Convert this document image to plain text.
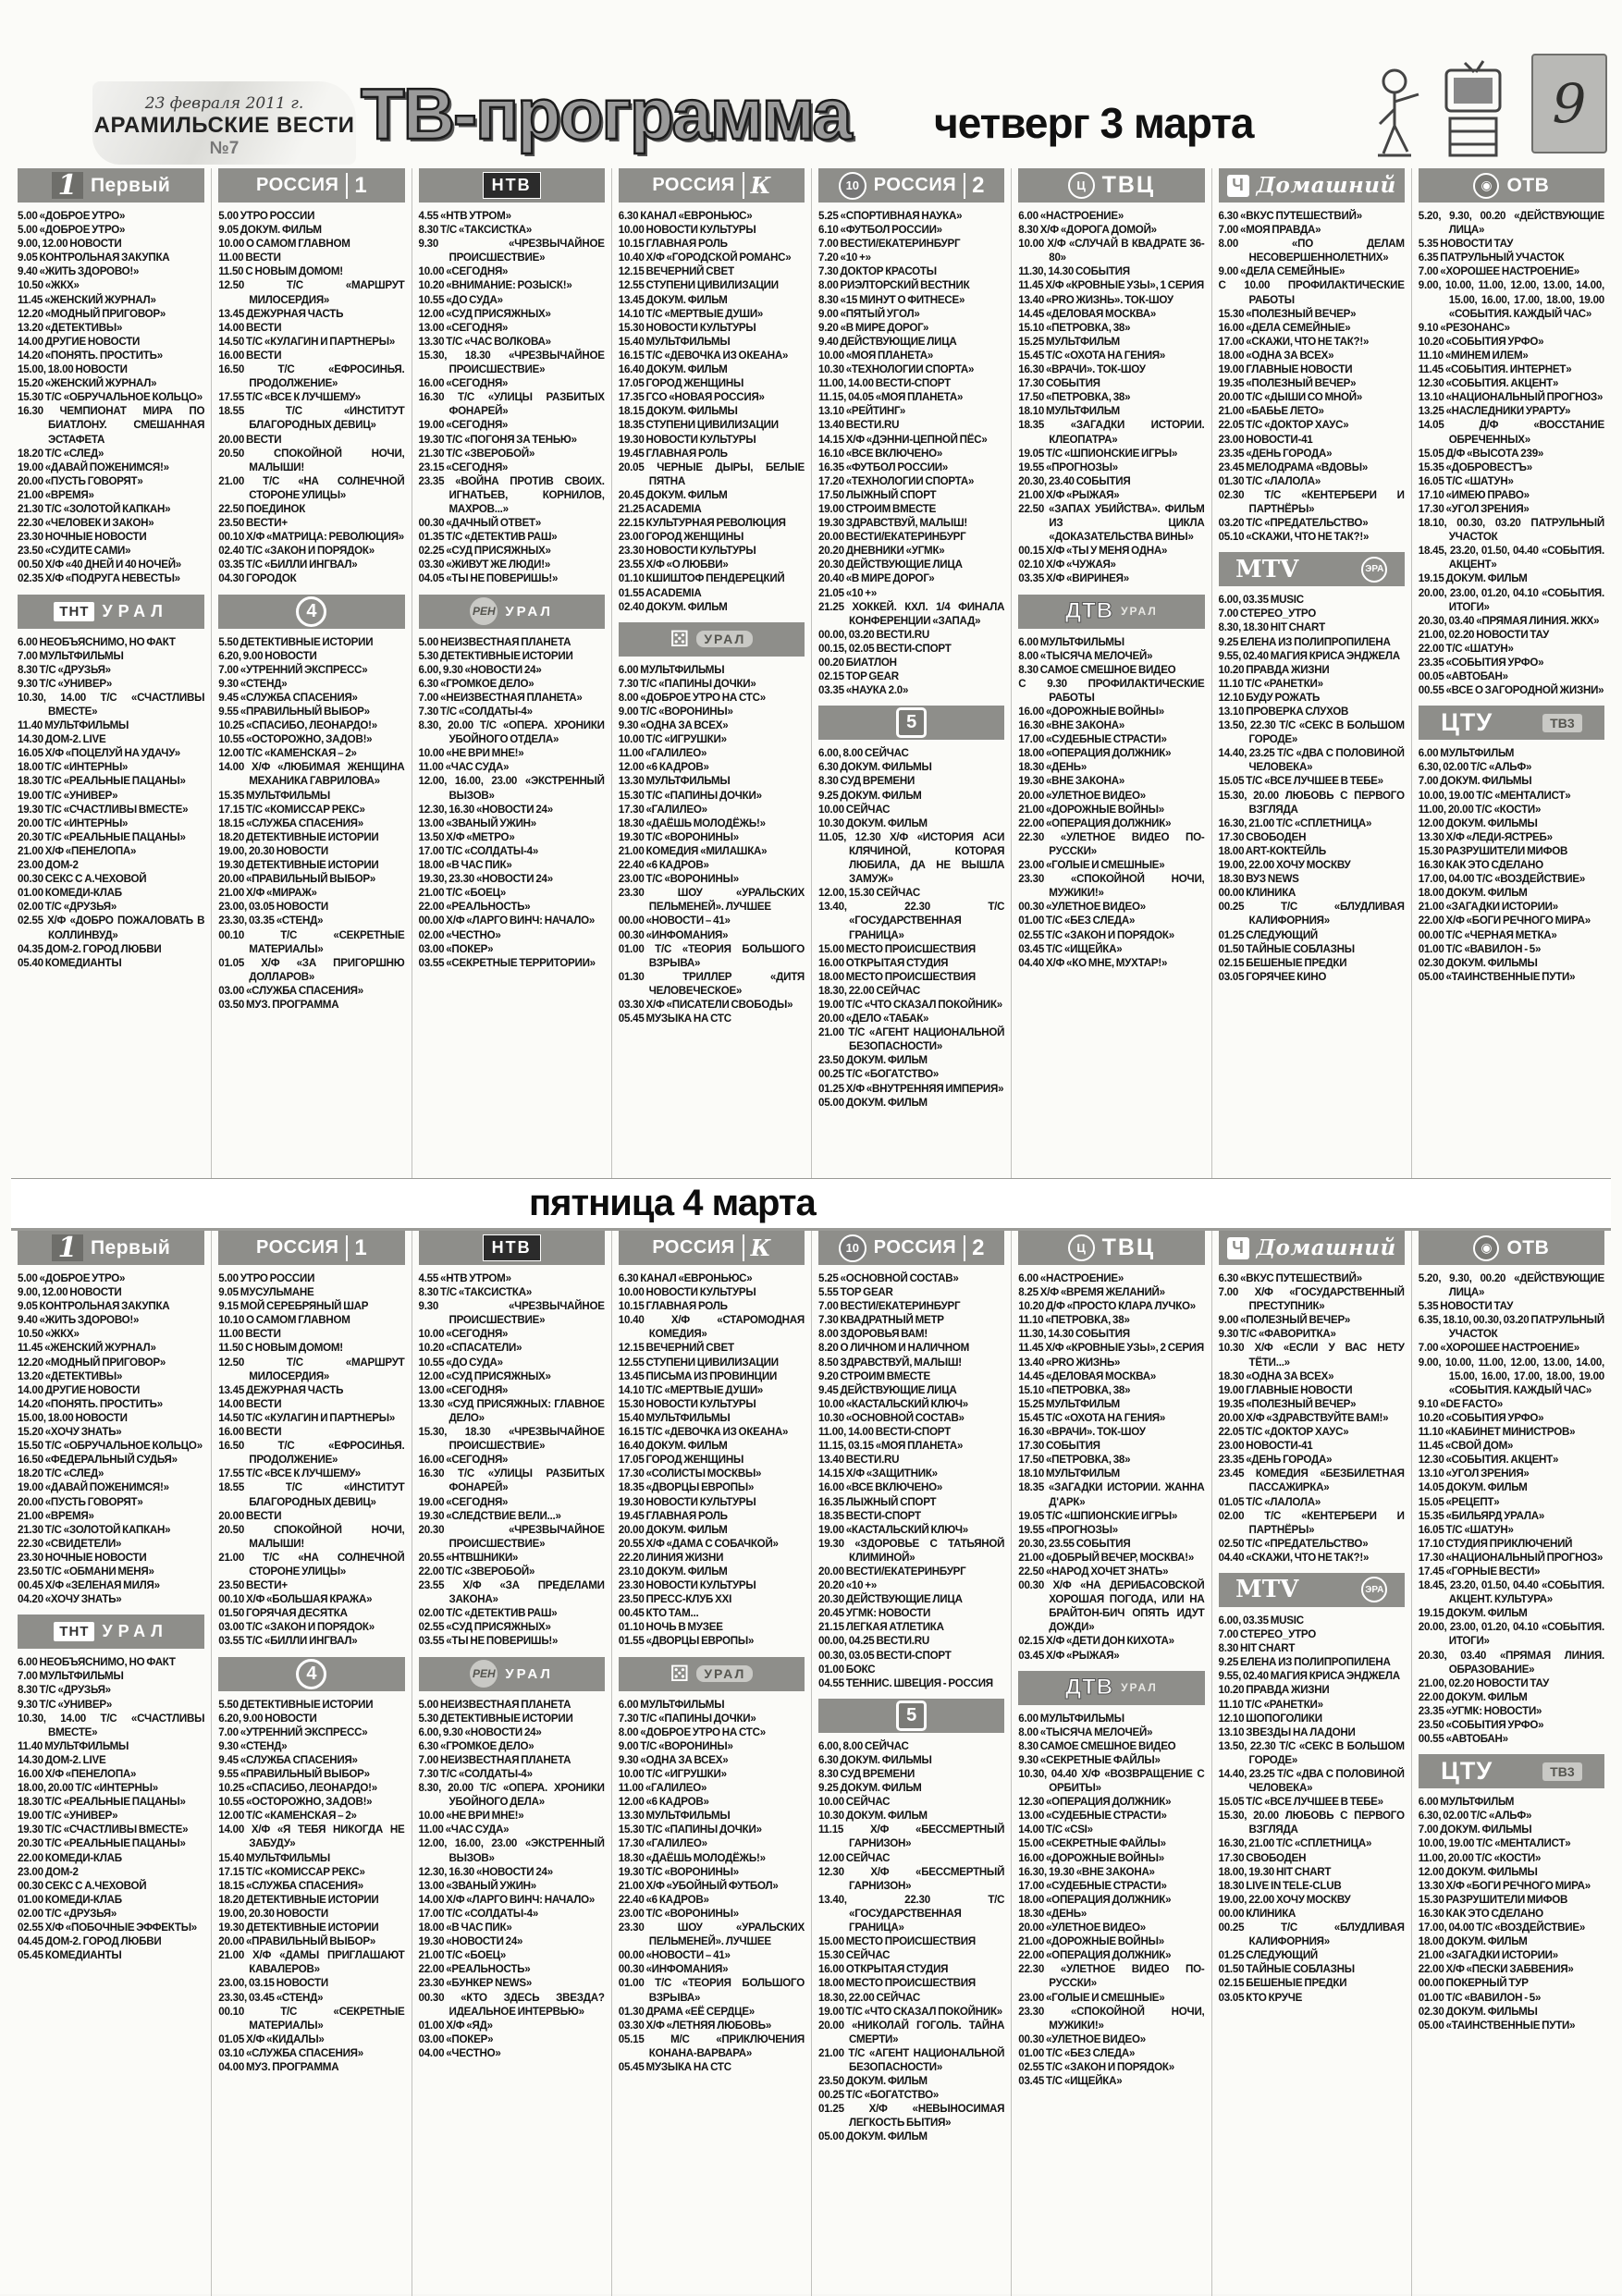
23 февраля 2011 г.
АРАМИЛЬСКИЕ ВЕСТИ №7	ТВ-программа четверг 3 марта	9
1 Первый
5.00 «ДОБРОЕ УТРО»
5.00 «ДОБРОЕ УТРО»
9.00, 12.00 НОВОСТИ
9.05 КОНТРОЛЬНАЯ ЗАКУПКА
9.40 «ЖИТЬ ЗДОРОВО!»
10.50 «ЖКХ»
11.45 «ЖЕНСКИЙ ЖУРНАЛ»
12.20 «МОДНЫЙ ПРИГОВОР»
13.20 «ДЕТЕКТИВЫ»
14.00 ДРУГИЕ НОВОСТИ
14.20 «ПОНЯТЬ. ПРОСТИТЬ»
15.00, 18.00 НОВОСТИ
15.20 «ЖЕНСКИЙ ЖУРНАЛ»
15.30 Т/С «ОБРУЧАЛЬНОЕ КОЛЬЦО»
16.30 ЧЕМПИОНАТ МИРА ПО БИАТЛОНУ. СМЕШАННАЯ ЭСТАФЕТА
18.20 Т/С «СЛЕД»
19.00 «ДАВАЙ ПОЖЕНИМСЯ!»
20.00 «ПУСТЬ ГОВОРЯТ»
21.00 «ВРЕМЯ»
21.30 Т/С «ЗОЛОТОЙ КАПКАН»
22.30 «ЧЕЛОВЕК И ЗАКОН»
23.30 НОЧНЫЕ НОВОСТИ
23.50 «СУДИТЕ САМИ»
00.50 Х/Ф «40 ДНЕЙ И 40 НОЧЕЙ»
02.35 Х/Ф «ПОДРУГА НЕВЕСТЫ»
ТНТ УРАЛ
6.00 НЕОБЪЯСНИМО, НО ФАКТ
7.00 МУЛЬТФИЛЬМЫ
8.30 Т/С «ДРУЗЬЯ»
9.30 Т/С «УНИВЕР»
10.30, 14.00 Т/С «СЧАСТЛИВЫ ВМЕСТЕ»
11.40 МУЛЬТФИЛЬМЫ
14.30 ДОМ-2. LIVE
16.05 Х/Ф «ПОЦЕЛУЙ НА УДАЧУ»
18.00 Т/С «ИНТЕРНЫ»
18.30 Т/С «РЕАЛЬНЫЕ ПАЦАНЫ»
19.00 Т/С «УНИВЕР»
19.30 Т/С «СЧАСТЛИВЫ ВМЕСТЕ»
20.00 Т/С «ИНТЕРНЫ»
20.30 Т/С «РЕАЛЬНЫЕ ПАЦАНЫ»
21.00 Х/Ф «ПЕНЕЛОПА»
23.00 ДОМ-2
00.30 СЕКС С А.ЧЕХОВОЙ
01.00 КОМЕДИ-КЛАБ
02.00 Т/С «ДРУЗЬЯ»
02.55 Х/Ф «ДОБРО ПОЖАЛОВАТЬ В КОЛЛИНВУД»
04.35 ДОМ-2. ГОРОД ЛЮБВИ
05.40 КОМЕДИАНТЫ
РОССИЯ 1
5.00 УТРО РОССИИ
9.05 ДОКУМ. ФИЛЬМ
10.00 О САМОМ ГЛАВНОМ
11.00 ВЕСТИ
11.50 С НОВЫМ ДОМОМ!
12.50 Т/С «МАРШРУТ МИЛОСЕРДИЯ»
13.45 ДЕЖУРНАЯ ЧАСТЬ
14.00 ВЕСТИ
14.50 Т/С «КУЛАГИН И ПАРТНЕРЫ»
16.00 ВЕСТИ
16.50 Т/С «ЕФРОСИНЬЯ. ПРОДОЛЖЕНИЕ»
17.55 Т/С «ВСЕ К ЛУЧШЕМУ»
18.55 Т/С «ИНСТИТУТ БЛАГОРОДНЫХ ДЕВИЦ»
20.00 ВЕСТИ
20.50 СПОКОЙНОЙ НОЧИ, МАЛЫШИ!
21.00 Т/С «НА СОЛНЕЧНОЙ СТОРОНЕ УЛИЦЫ»
22.50 ПОЕДИНОК
23.50 ВЕСТИ+
00.10 Х/Ф «МАТРИЦА: РЕВОЛЮЦИЯ»
02.40 Т/С «ЗАКОН И ПОРЯДОК»
03.35 Т/С «БИЛЛИ ИНГВАЛ»
04.30 ГОРОДОК
4
5.50 ДЕТЕКТИВНЫЕ ИСТОРИИ
6.20, 9.00 НОВОСТИ
7.00 «УТРЕННИЙ ЭКСПРЕСС»
9.30 «СТЕНД»
9.45 «СЛУЖБА СПАСЕНИЯ»
9.55 «ПРАВИЛЬНЫЙ ВЫБОР»
10.25 «СПАСИБО, ЛЕОНАРДО!»
10.55 «ОСТОРОЖНО, ЗАДОВ!»
12.00 Т/С «КАМЕНСКАЯ – 2»
14.00 Х/Ф «ЛЮБИМАЯ ЖЕНЩИНА МЕХАНИКА ГАВРИЛОВА»
15.35 МУЛЬТФИЛЬМЫ
17.15 Т/С «КОМИССАР РЕКС»
18.15 «СЛУЖБА СПАСЕНИЯ»
18.20 ДЕТЕКТИВНЫЕ ИСТОРИИ
19.00, 20.30 НОВОСТИ
19.30 ДЕТЕКТИВНЫЕ ИСТОРИИ
20.00 «ПРАВИЛЬНЫЙ ВЫБОР»
21.00 Х/Ф «МИРАЖ»
23.00, 03.05 НОВОСТИ
23.30, 03.35 «СТЕНД»
00.10 Т/С «СЕКРЕТНЫЕ МАТЕРИАЛЫ»
01.05 Х/Ф «ЗА ПРИГОРШНЮ ДОЛЛАРОВ»
03.00 «СЛУЖБА СПАСЕНИЯ»
03.50 МУЗ. ПРОГРАММА
НТВ
4.55 «НТВ УТРОМ»
8.30 Т/С «ТАКСИСТКА»
9.30 «ЧРЕЗВЫЧАЙНОЕ ПРОИСШЕСТВИЕ»
10.00 «СЕГОДНЯ»
10.20 «ВНИМАНИЕ: РОЗЫСК!»
10.55 «ДО СУДА»
12.00 «СУД ПРИСЯЖНЫХ»
13.00 «СЕГОДНЯ»
13.30 Т/С «ЧАС ВОЛКОВА»
15.30, 18.30 «ЧРЕЗВЫЧАЙНОЕ ПРОИСШЕСТВИЕ»
16.00 «СЕГОДНЯ»
16.30 Т/С «УЛИЦЫ РАЗБИТЫХ ФОНАРЕЙ»
19.00 «СЕГОДНЯ»
19.30 Т/С «ПОГОНЯ ЗА ТЕНЬЮ»
21.30 Т/С «ЗВЕРОБОЙ»
23.15 «СЕГОДНЯ»
23.35 «ВОЙНА ПРОТИВ СВОИХ. ИГНАТЬЕВ, КОРНИЛОВ, МАХРОВ...»
00.30 «ДАЧНЫЙ ОТВЕТ»
01.35 Т/С «ДЕТЕКТИВ РАШ»
02.25 «СУД ПРИСЯЖНЫХ»
03.30 «ЖИВУТ ЖЕ ЛЮДИ!»
04.05 «ТЫ НЕ ПОВЕРИШЬ!»
РЕН УРАЛ
5.00 НЕИЗВЕСТНАЯ ПЛАНЕТА
5.30 ДЕТЕКТИВНЫЕ ИСТОРИИ
6.00, 9.30 «НОВОСТИ 24»
6.30 «ГРОМКОЕ ДЕЛО»
7.00 «НЕИЗВЕСТНАЯ ПЛАНЕТА»
7.30 Т/С «СОЛДАТЫ-4»
8.30, 20.00 Т/С «ОПЕРА. ХРОНИКИ УБОЙНОГО ОТДЕЛА»
10.00 «НЕ ВРИ МНЕ!»
11.00 «ЧАС СУДА»
12.00, 16.00, 23.00 «ЭКСТРЕННЫЙ ВЫЗОВ»
12.30, 16.30 «НОВОСТИ 24»
13.00 «ЗВАНЫЙ УЖИН»
13.50 Х/Ф «МЕТРО»
17.00 Т/С «СОЛДАТЫ-4»
18.00 «В ЧАС ПИК»
19.30, 23.30 «НОВОСТИ 24»
21.00 Т/С «БОЕЦ»
22.00 «РЕАЛЬНОСТЬ»
00.00 Х/Ф «ЛАРГО ВИНЧ: НАЧАЛО»
02.00 «ЧЕСТНО»
03.00 «ПОКЕР»
03.55 «СЕКРЕТНЫЕ ТЕРРИТОРИИ»
РОССИЯ К
6.30 КАНАЛ «ЕВРОНЬЮС»
10.00 НОВОСТИ КУЛЬТУРЫ
10.15 ГЛАВНАЯ РОЛЬ
10.40 Х/Ф «ГОРОДСКОЙ РОМАНС»
12.15 ВЕЧЕРНИЙ СВЕТ
12.55 СТУПЕНИ ЦИВИЛИЗАЦИИ
13.45 ДОКУМ. ФИЛЬМ
14.10 Т/С «МЕРТВЫЕ ДУШИ»
15.30 НОВОСТИ КУЛЬТУРЫ
15.40 МУЛЬТФИЛЬМЫ
16.15 Т/С «ДЕВОЧКА ИЗ ОКЕАНА»
16.40 ДОКУМ. ФИЛЬМ
17.05 ГОРОД ЖЕНЩИНЫ
17.35 ГСО «НОВАЯ РОССИЯ»
18.15 ДОКУМ. ФИЛЬМЫ
18.35 СТУПЕНИ ЦИВИЛИЗАЦИИ
19.30 НОВОСТИ КУЛЬТУРЫ
19.45 ГЛАВНАЯ РОЛЬ
20.05 ЧЕРНЫЕ ДЫРЫ, БЕЛЫЕ ПЯТНА
20.45 ДОКУМ. ФИЛЬМ
21.25 ACADEMIA
22.15 КУЛЬТУРНАЯ РЕВОЛЮЦИЯ
23.00 ГОРОД ЖЕНЩИНЫ
23.30 НОВОСТИ КУЛЬТУРЫ
23.55 Х/Ф «О ЛЮБВИ»
01.10 КШИШТОФ ПЕНДЕРЕЦКИЙ
01.55 ACADEMIA
02.40 ДОКУМ. ФИЛЬМ
⚄	УРАЛ
6.00 МУЛЬТФИЛЬМЫ
7.30 Т/С «ПАПИНЫ ДОЧКИ»
8.00 «ДОБРОЕ УТРО НА СТС»
9.00 Т/С «ВОРОНИНЫ»
9.30 «ОДНА ЗА ВСЕХ»
10.00 Т/С «ИГРУШКИ»
11.00 «ГАЛИЛЕО»
12.00 «6 КАДРОВ»
13.30 МУЛЬТФИЛЬМЫ
15.30 Т/С «ПАПИНЫ ДОЧКИ»
17.30 «ГАЛИЛЕО»
18.30 «ДАЁШЬ МОЛОДЁЖЬ!»
19.30 Т/С «ВОРОНИНЫ»
21.00 КОМЕДИЯ «МИЛАШКА»
22.40 «6 КАДРОВ»
23.00 Т/С «ВОРОНИНЫ»
23.30 ШОУ «УРАЛЬСКИХ ПЕЛЬМЕНЕЙ». ЛУЧШЕЕ
00.00 «НОВОСТИ – 41»
00.30 «ИНФОМАНИЯ»
01.00 Т/С «ТЕОРИЯ БОЛЬШОГО ВЗРЫВА»
01.30 ТРИЛЛЕР «ДИТЯ ЧЕЛОВЕЧЕСКОЕ»
03.30 Х/Ф «ПИСАТЕЛИ СВОБОДЫ»
05.45 МУЗЫКА НА СТС
10 РОССИЯ 2
5.25 «СПОРТИВНАЯ НАУКА»
6.10 «ФУТБОЛ РОССИИ»
7.00 ВЕСТИ/ЕКАТЕРИНБУРГ
7.20 «10 +»
7.30 ДОКТОР КРАСОТЫ
8.00 РИЭЛТОРСКИЙ ВЕСТНИК
8.30 «15 МИНУТ О ФИТНЕСЕ»
9.00 «ПЯТЫЙ УГОЛ»
9.20 «В МИРЕ ДОРОГ»
9.40 ДЕЙСТВУЮЩИЕ ЛИЦА
10.00 «МОЯ ПЛАНЕТА»
10.30 «ТЕХНОЛОГИИ СПОРТА»
11.00, 14.00 ВЕСТИ-СПОРТ
11.15, 04.05 «МОЯ ПЛАНЕТА»
13.10 «РЕЙТИНГ»
13.40 ВЕСТИ.RU
14.15 Х/Ф «ДЭННИ-ЦЕПНОЙ ПЁС»
16.10 «ВСЕ ВКЛЮЧЕНО»
16.35 «ФУТБОЛ РОССИИ»
17.20 «ТЕХНОЛОГИИ СПОРТА»
17.50 ЛЫЖНЫЙ СПОРТ
19.00 СТРОИМ ВМЕСТЕ
19.30 ЗДРАВСТВУЙ, МАЛЫШ!
20.00 ВЕСТИ/ЕКАТЕРИНБУРГ
20.20 ДНЕВНИКИ «УГМК»
20.30 ДЕЙСТВУЮЩИЕ ЛИЦА
20.40 «В МИРЕ ДОРОГ»
21.05 «10 +»
21.25 ХОККЕЙ. КХЛ. 1/4 ФИНАЛА КОНФЕРЕНЦИИ «ЗАПАД»
00.00, 03.20 ВЕСТИ.RU
00.15, 02.05 ВЕСТИ-СПОРТ
00.20 БИАТЛОН
02.15 TOP GEAR
03.35 «НАУКА 2.0»
5
6.00, 8.00 СЕЙЧАС
6.30 ДОКУМ. ФИЛЬМЫ
8.30 СУД ВРЕМЕНИ
9.25 ДОКУМ. ФИЛЬМ
10.00 СЕЙЧАС
10.30 ДОКУМ. ФИЛЬМ
11.05, 12.30 Х/Ф «ИСТОРИЯ АСИ КЛЯЧИНОЙ, КОТОРАЯ ЛЮБИЛА, ДА НЕ ВЫШЛА ЗАМУЖ»
12.00, 15.30 СЕЙЧАС
13.40, 22.30 Т/С «ГОСУДАРСТВЕННАЯ ГРАНИЦА»
15.00 МЕСТО ПРОИСШЕСТВИЯ
16.00 ОТКРЫТАЯ СТУДИЯ
18.00 МЕСТО ПРОИСШЕСТВИЯ
18.30, 22.00 СЕЙЧАС
19.00 Т/С «ЧТО СКАЗАЛ ПОКОЙНИК»
20.00 «ДЕЛО «ТАБАК»
21.00 Т/С «АГЕНТ НАЦИОНАЛЬНОЙ БЕЗОПАСНОСТИ»
23.50 ДОКУМ. ФИЛЬМ
00.25 Т/С «БОГАТСТВО»
01.25 Х/Ф «ВНУТРЕННЯЯ ИМПЕРИЯ»
05.00 ДОКУМ. ФИЛЬМ
Ц ТВЦ
6.00 «НАСТРОЕНИЕ»
8.30 Х/Ф «ДОРОГА ДОМОЙ»
10.00 Х/Ф «СЛУЧАЙ В КВАДРАТЕ 36-80»
11.30, 14.30 СОБЫТИЯ
11.45 Х/Ф «КРОВНЫЕ УЗЫ», 1 СЕРИЯ
13.40 «PRO ЖИЗНЬ». ТОК-ШОУ
14.45 «ДЕЛОВАЯ МОСКВА»
15.10 «ПЕТРОВКА, 38»
15.25 МУЛЬТФИЛЬМ
15.45 Т/С «ОХОТА НА ГЕНИЯ»
16.30 «ВРАЧИ». ТОК-ШОУ
17.30 СОБЫТИЯ
17.50 «ПЕТРОВКА, 38»
18.10 МУЛЬТФИЛЬМ
18.35 «ЗАГАДКИ ИСТОРИИ. КЛЕОПАТРА»
19.05 Т/С «ШПИОНСКИЕ ИГРЫ»
19.55 «ПРОГНОЗЫ»
20.30, 23.40 СОБЫТИЯ
21.00 Х/Ф «РЫЖАЯ»
22.50 «ЗАПАХ УБИЙСТВА». ФИЛЬМ ИЗ ЦИКЛА «ДОКАЗАТЕЛЬСТВА ВИНЫ»
00.15 Х/Ф «ТЫ У МЕНЯ ОДНА»
02.10 Х/Ф «ЧУЖАЯ»
03.35 Х/Ф «ВИРИНЕЯ»
ДТВ УРАЛ
6.00 МУЛЬТФИЛЬМЫ
8.00 «ТЫСЯЧА МЕЛОЧЕЙ»
8.30 САМОЕ СМЕШНОЕ ВИДЕО
С 9.30 ПРОФИЛАКТИЧЕСКИЕ РАБОТЫ
16.00 «ДОРОЖНЫЕ ВОЙНЫ»
16.30 «ВНЕ ЗАКОНА»
17.00 «СУДЕБНЫЕ СТРАСТИ»
18.00 «ОПЕРАЦИЯ ДОЛЖНИК»
18.30 «ДЕНЬ»
19.30 «ВНЕ ЗАКОНА»
20.00 «УЛЕТНОЕ ВИДЕО»
21.00 «ДОРОЖНЫЕ ВОЙНЫ»
22.00 «ОПЕРАЦИЯ ДОЛЖНИК»
22.30 «УЛЕТНОЕ ВИДЕО ПО-РУССКИ»
23.00 «ГОЛЫЕ И СМЕШНЫЕ»
23.30 «СПОКОЙНОЙ НОЧИ, МУЖИКИ!»
00.30 «УЛЕТНОЕ ВИДЕО»
01.00 Т/С «БЕЗ СЛЕДА»
02.55 Т/С «ЗАКОН И ПОРЯДОК»
03.45 Т/С «ИЩЕЙКА»
04.40 Х/Ф «КО МНЕ, МУХТАР!»
Ч Домашний
6.30 «ВКУС ПУТЕШЕСТВИЙ»
7.00 «МОЯ ПРАВДА»
8.00 «ПО ДЕЛАМ НЕСОВЕРШЕННОЛЕТНИХ»
9.00 «ДЕЛА СЕМЕЙНЫЕ»
С 10.00 ПРОФИЛАКТИЧЕСКИЕ РАБОТЫ
15.30 «ПОЛЕЗНЫЙ ВЕЧЕР»
16.00 «ДЕЛА СЕМЕЙНЫЕ»
17.00 «СКАЖИ, ЧТО НЕ ТАК?!»
18.00 «ОДНА ЗА ВСЕХ»
19.00 ГЛАВНЫЕ НОВОСТИ
19.35 «ПОЛЕЗНЫЙ ВЕЧЕР»
20.00 Т/С «ДЫШИ СО МНОЙ»
21.00 «БАБЬЕ ЛЕТО»
22.05 Т/С «ДОКТОР ХАУС»
23.00 НОВОСТИ-41
23.35 «ДЕНЬ ГОРОДА»
23.45 МЕЛОДРАМА «ВДОВЫ»
01.30 Т/С «ЛАЛОЛА»
02.30 Т/С «КЕНТЕРБЕРИ И ПАРТНЁРЫ»
03.20 Т/С «ПРЕДАТЕЛЬСТВО»
05.10 «СКАЖИ, ЧТО НЕ ТАК?!»
MTV	ЭРА
6.00, 03.35 MUSIC
7.00 СТЕРЕО_УТРО
8.30, 18.30 HIT CHART
9.25 ЕЛЕНА ИЗ ПОЛИПРОПИЛЕНА
9.55, 02.40 МАГИЯ КРИСА ЭНДЖЕЛА
10.20 ПРАВДА ЖИЗНИ
11.10 Т/С «РАНЕТКИ»
12.10 БУДУ РОЖАТЬ
13.10 ПРОВЕРКА СЛУХОВ
13.50, 22.30 Т/С «СЕКС В БОЛЬШОМ ГОРОДЕ»
14.40, 23.25 Т/С «ДВА С ПОЛОВИНОЙ ЧЕЛОВЕКА»
15.05 Т/С «ВСЕ ЛУЧШЕЕ В ТЕБЕ»
15.30, 20.00 ЛЮБОВЬ С ПЕРВОГО ВЗГЛЯДА
16.30, 21.00 Т/С «СПЛЕТНИЦА»
17.30 СВОБОДЕН
18.00 ART-КОКТЕЙЛЬ
19.00, 22.00 ХОЧУ МОСКВУ
18.30 ВУЗ NEWS
00.00 КЛИНИКА
00.25 Т/С «БЛУДЛИВАЯ КАЛИФОРНИЯ»
01.25 СЛЕДУЮЩИЙ
01.50 ТАЙНЫЕ СОБЛАЗНЫ
02.15 БЕШЕНЫЕ ПРЕДКИ
03.05 ГОРЯЧЕЕ КИНО
◉ ОТВ
5.20, 9.30, 00.20 «ДЕЙСТВУЮЩИЕ ЛИЦА»
5.35 НОВОСТИ ТАУ
6.35 ПАТРУЛЬНЫЙ УЧАСТОК
7.00 «ХОРОШЕЕ НАСТРОЕНИЕ»
9.00, 10.00, 11.00, 12.00, 13.00, 14.00, 15.00, 16.00, 17.00, 18.00, 19.00 «СОБЫТИЯ. КАЖДЫЙ ЧАС»
9.10 «РЕЗОНАНС»
10.20 «СОБЫТИЯ УРФО»
11.10 «МИНЕМ ИЛЕМ»
11.45 «СОБЫТИЯ. ИНТЕРНЕТ»
12.30 «СОБЫТИЯ. АКЦЕНТ»
13.10 «НАЦИОНАЛЬНЫЙ ПРОГНОЗ»
13.25 «НАСЛЕДНИКИ УРАРТУ»
14.05 Д/Ф «ВОССТАНИЕ ОБРЕЧЕННЫХ»
15.05 Д/Ф «ВЫСОТА 239»
15.35 «ДОБРОВЕСТЪ»
16.05 Т/С «ШАТУН»
17.10 «ИМЕЮ ПРАВО»
17.30 «УГОЛ ЗРЕНИЯ»
18.10, 00.30, 03.20 ПАТРУЛЬНЫЙ УЧАСТОК
18.45, 23.20, 01.50, 04.40 «СОБЫТИЯ. АКЦЕНТ»
19.15 ДОКУМ. ФИЛЬМ
20.00, 23.00, 01.20, 04.10 «СОБЫТИЯ. ИТОГИ»
20.30, 03.40 «ПРЯМАЯ ЛИНИЯ. ЖКХ»
21.00, 02.20 НОВОСТИ ТАУ
22.00 Т/С «ШАТУН»
23.35 «СОБЫТИЯ УРФО»
00.05 «АВТОБАН»
00.55 «ВСЕ О ЗАГОРОДНОЙ ЖИЗНИ»
ЦТУ	ТВ3
6.00 МУЛЬТФИЛЬМ
6.30, 02.00 Т/С «АЛЬФ»
7.00 ДОКУМ. ФИЛЬМЫ
10.00, 19.00 Т/С «МЕНТАЛИСТ»
11.00, 20.00 Т/С «КОСТИ»
12.00 ДОКУМ. ФИЛЬМЫ
13.30 Х/Ф «ЛЕДИ-ЯСТРЕБ»
15.30 РАЗРУШИТЕЛИ МИФОВ
16.30 КАК ЭТО СДЕЛАНО
17.00, 04.00 Т/С «ВОЗДЕЙСТВИЕ»
18.00 ДОКУМ. ФИЛЬМ
21.00 «ЗАГАДКИ ИСТОРИИ»
22.00 Х/Ф «БОГИ РЕЧНОГО МИРА»
00.00 Т/С «ЧЕРНАЯ МЕТКА»
01.00 Т/С «ВАВИЛОН - 5»
02.30 ДОКУМ. ФИЛЬМЫ
05.00 «ТАИНСТВЕННЫЕ ПУТИ»
пятница 4 марта
1 Первый
5.00 «ДОБРОЕ УТРО»
9.00, 12.00 НОВОСТИ
9.05 КОНТРОЛЬНАЯ ЗАКУПКА
9.40 «ЖИТЬ ЗДОРОВО!»
10.50 «ЖКХ»
11.45 «ЖЕНСКИЙ ЖУРНАЛ»
12.20 «МОДНЫЙ ПРИГОВОР»
13.20 «ДЕТЕКТИВЫ»
14.00 ДРУГИЕ НОВОСТИ
14.20 «ПОНЯТЬ. ПРОСТИТЬ»
15.00, 18.00 НОВОСТИ
15.20 «ХОЧУ ЗНАТЬ»
15.50 Т/С «ОБРУЧАЛЬНОЕ КОЛЬЦО»
16.50 «ФЕДЕРАЛЬНЫЙ СУДЬЯ»
18.20 Т/С «СЛЕД»
19.00 «ДАВАЙ ПОЖЕНИМСЯ!»
20.00 «ПУСТЬ ГОВОРЯТ»
21.00 «ВРЕМЯ»
21.30 Т/С «ЗОЛОТОЙ КАПКАН»
22.30 «СВИДЕТЕЛИ»
23.30 НОЧНЫЕ НОВОСТИ
23.50 Т/С «ОБМАНИ МЕНЯ»
00.45 Х/Ф «ЗЕЛЕНАЯ МИЛЯ»
04.20 «ХОЧУ ЗНАТЬ»
ТНТ УРАЛ
6.00 НЕОБЪЯСНИМО, НО ФАКТ
7.00 МУЛЬТФИЛЬМЫ
8.30 Т/С «ДРУЗЬЯ»
9.30 Т/С «УНИВЕР»
10.30, 14.00 Т/С «СЧАСТЛИВЫ ВМЕСТЕ»
11.40 МУЛЬТФИЛЬМЫ
14.30 ДОМ-2. LIVE
16.00 Х/Ф «ПЕНЕЛОПА»
18.00, 20.00 Т/С «ИНТЕРНЫ»
18.30 Т/С «РЕАЛЬНЫЕ ПАЦАНЫ»
19.00 Т/С «УНИВЕР»
19.30 Т/С «СЧАСТЛИВЫ ВМЕСТЕ»
20.30 Т/С «РЕАЛЬНЫЕ ПАЦАНЫ»
22.00 КОМЕДИ-КЛАБ
23.00 ДОМ-2
00.30 СЕКС С А.ЧЕХОВОЙ
01.00 КОМЕДИ-КЛАБ
02.00 Т/С «ДРУЗЬЯ»
02.55 Х/Ф «ПОБОЧНЫЕ ЭФФЕКТЫ»
04.45 ДОМ-2. ГОРОД ЛЮБВИ
05.45 КОМЕДИАНТЫ
РОССИЯ 1
5.00 УТРО РОССИИ
9.05 МУСУЛЬМАНЕ
9.15 МОЙ СЕРЕБРЯНЫЙ ШАР
10.10 О САМОМ ГЛАВНОМ
11.00 ВЕСТИ
11.50 С НОВЫМ ДОМОМ!
12.50 Т/С «МАРШРУТ МИЛОСЕРДИЯ»
13.45 ДЕЖУРНАЯ ЧАСТЬ
14.00 ВЕСТИ
14.50 Т/С «КУЛАГИН И ПАРТНЕРЫ»
16.00 ВЕСТИ
16.50 Т/С «ЕФРОСИНЬЯ. ПРОДОЛЖЕНИЕ»
17.55 Т/С «ВСЕ К ЛУЧШЕМУ»
18.55 Т/С «ИНСТИТУТ БЛАГОРОДНЫХ ДЕВИЦ»
20.00 ВЕСТИ
20.50 СПОКОЙНОЙ НОЧИ, МАЛЫШИ!
21.00 Т/С «НА СОЛНЕЧНОЙ СТОРОНЕ УЛИЦЫ»
23.50 ВЕСТИ+
00.10 Х/Ф «БОЛЬШАЯ КРАЖА»
01.50 ГОРЯЧАЯ ДЕСЯТКА
03.00 Т/С «ЗАКОН И ПОРЯДОК»
03.55 Т/С «БИЛЛИ ИНГВАЛ»
4
5.50 ДЕТЕКТИВНЫЕ ИСТОРИИ
6.20, 9.00 НОВОСТИ
7.00 «УТРЕННИЙ ЭКСПРЕСС»
9.30 «СТЕНД»
9.45 «СЛУЖБА СПАСЕНИЯ»
9.55 «ПРАВИЛЬНЫЙ ВЫБОР»
10.25 «СПАСИБО, ЛЕОНАРДО!»
10.55 «ОСТОРОЖНО, ЗАДОВ!»
12.00 Т/С «КАМЕНСКАЯ – 2»
14.00 Х/Ф «Я ТЕБЯ НИКОГДА НЕ ЗАБУДУ»
15.40 МУЛЬТФИЛЬМЫ
17.15 Т/С «КОМИССАР РЕКС»
18.15 «СЛУЖБА СПАСЕНИЯ»
18.20 ДЕТЕКТИВНЫЕ ИСТОРИИ
19.00, 20.30 НОВОСТИ
19.30 ДЕТЕКТИВНЫЕ ИСТОРИИ
20.00 «ПРАВИЛЬНЫЙ ВЫБОР»
21.00 Х/Ф «ДАМЫ ПРИГЛАШАЮТ КАВАЛЕРОВ»
23.00, 03.15 НОВОСТИ
23.30, 03.45 «СТЕНД»
00.10 Т/С «СЕКРЕТНЫЕ МАТЕРИАЛЫ»
01.05 Х/Ф «КИДАЛЫ»
03.10 «СЛУЖБА СПАСЕНИЯ»
04.00 МУЗ. ПРОГРАММА
НТВ
4.55 «НТВ УТРОМ»
8.30 Т/С «ТАКСИСТКА»
9.30 «ЧРЕЗВЫЧАЙНОЕ ПРОИСШЕСТВИЕ»
10.00 «СЕГОДНЯ»
10.20 «СПАСАТЕЛИ»
10.55 «ДО СУДА»
12.00 «СУД ПРИСЯЖНЫХ»
13.00 «СЕГОДНЯ»
13.30 «СУД ПРИСЯЖНЫХ: ГЛАВНОЕ ДЕЛО»
15.30, 18.30 «ЧРЕЗВЫЧАЙНОЕ ПРОИСШЕСТВИЕ»
16.00 «СЕГОДНЯ»
16.30 Т/С «УЛИЦЫ РАЗБИТЫХ ФОНАРЕЙ»
19.00 «СЕГОДНЯ»
19.30 «СЛЕДСТВИЕ ВЕЛИ...»
20.30 «ЧРЕЗВЫЧАЙНОЕ ПРОИСШЕСТВИЕ»
20.55 «НТВШНИКИ»
22.00 Т/С «ЗВЕРОБОЙ»
23.55 Х/Ф «ЗА ПРЕДЕЛАМИ ЗАКОНА»
02.00 Т/С «ДЕТЕКТИВ РАШ»
02.55 «СУД ПРИСЯЖНЫХ»
03.55 «ТЫ НЕ ПОВЕРИШЬ!»
РЕН УРАЛ
5.00 НЕИЗВЕСТНАЯ ПЛАНЕТА
5.30 ДЕТЕКТИВНЫЕ ИСТОРИИ
6.00, 9.30 «НОВОСТИ 24»
6.30 «ГРОМКОЕ ДЕЛО»
7.00 НЕИЗВЕСТНАЯ ПЛАНЕТА
7.30 Т/С «СОЛДАТЫ-4»
8.30, 20.00 Т/С «ОПЕРА. ХРОНИКИ УБОЙНОГО ДЕЛА»
10.00 «НЕ ВРИ МНЕ!»
11.00 «ЧАС СУДА»
12.00, 16.00, 23.00 «ЭКСТРЕННЫЙ ВЫЗОВ»
12.30, 16.30 «НОВОСТИ 24»
13.00 «ЗВАНЫЙ УЖИН»
14.00 Х/Ф «ЛАРГО ВИНЧ: НАЧАЛО»
17.00 Т/С «СОЛДАТЫ-4»
18.00 «В ЧАС ПИК»
19.30 «НОВОСТИ 24»
21.00 Т/С «БОЕЦ»
22.00 «РЕАЛЬНОСТЬ»
23.30 «БУНКЕР NEWS»
00.30 «КТО ЗДЕСЬ ЗВЕЗДА? ИДЕАЛЬНОЕ ИНТЕРВЬЮ»
01.00 Х/Ф «ЯД»
03.00 «ПОКЕР»
04.00 «ЧЕСТНО»
РОССИЯ К
6.30 КАНАЛ «ЕВРОНЬЮС»
10.00 НОВОСТИ КУЛЬТУРЫ
10.15 ГЛАВНАЯ РОЛЬ
10.40 Х/Ф «СТАРОМОДНАЯ КОМЕДИЯ»
12.15 ВЕЧЕРНИЙ СВЕТ
12.55 СТУПЕНИ ЦИВИЛИЗАЦИИ
13.45 ПИСЬМА ИЗ ПРОВИНЦИИ
14.10 Т/С «МЕРТВЫЕ ДУШИ»
15.30 НОВОСТИ КУЛЬТУРЫ
15.40 МУЛЬТФИЛЬМЫ
16.15 Т/С «ДЕВОЧКА ИЗ ОКЕАНА»
16.40 ДОКУМ. ФИЛЬМ
17.05 ГОРОД ЖЕНЩИНЫ
17.30 «СОЛИСТЫ МОСКВЫ»
18.35 «ДВОРЦЫ ЕВРОПЫ»
19.30 НОВОСТИ КУЛЬТУРЫ
19.45 ГЛАВНАЯ РОЛЬ
20.00 ДОКУМ. ФИЛЬМ
20.55 Х/Ф «ДАМА С СОБАЧКОЙ»
22.20 ЛИНИЯ ЖИЗНИ
23.10 ДОКУМ. ФИЛЬМ
23.30 НОВОСТИ КУЛЬТУРЫ
23.50 ПРЕСС-КЛУБ XXI
00.45 КТО ТАМ...
01.10 НОЧЬ В МУЗЕЕ
01.55 «ДВОРЦЫ ЕВРОПЫ»
⚄	УРАЛ
6.00 МУЛЬТФИЛЬМЫ
7.30 Т/С «ПАПИНЫ ДОЧКИ»
8.00 «ДОБРОЕ УТРО НА СТС»
9.00 Т/С «ВОРОНИНЫ»
9.30 «ОДНА ЗА ВСЕХ»
10.00 Т/С «ИГРУШКИ»
11.00 «ГАЛИЛЕО»
12.00 «6 КАДРОВ»
13.30 МУЛЬТФИЛЬМЫ
15.30 Т/С «ПАПИНЫ ДОЧКИ»
17.30 «ГАЛИЛЕО»
18.30 «ДАЁШЬ МОЛОДЁЖЬ!»
19.30 Т/С «ВОРОНИНЫ»
21.00 Х/Ф «УБОЙНЫЙ ФУТБОЛ»
22.40 «6 КАДРОВ»
23.00 Т/С «ВОРОНИНЫ»
23.30 ШОУ «УРАЛЬСКИХ ПЕЛЬМЕНЕЙ». ЛУЧШЕЕ
00.00 «НОВОСТИ – 41»
00.30 «ИНФОМАНИЯ»
01.00 Т/С «ТЕОРИЯ БОЛЬШОГО ВЗРЫВА»
01.30 ДРАМА «ЕЁ СЕРДЦЕ»
03.30 Х/Ф «ЛЕТНЯЯ ЛЮБОВЬ»
05.15 М/С «ПРИКЛЮЧЕНИЯ КОНАНА-ВАРВАРА»
05.45 МУЗЫКА НА СТС
10 РОССИЯ 2
5.25 «ОСНОВНОЙ СОСТАВ»
5.55 TOP GEAR
7.00 ВЕСТИ/ЕКАТЕРИНБУРГ
7.30 КВАДРАТНЫЙ МЕТР
8.00 ЗДОРОВЬЯ ВАМ!
8.20 О ЛИЧНОМ И НАЛИЧНОМ
8.50 ЗДРАВСТВУЙ, МАЛЫШ!
9.20 СТРОИМ ВМЕСТЕ
9.45 ДЕЙСТВУЮЩИЕ ЛИЦА
10.00 «КАСТАЛЬСКИЙ КЛЮЧ»
10.30 «ОСНОВНОЙ СОСТАВ»
11.00, 14.00 ВЕСТИ-СПОРТ
11.15, 03.15 «МОЯ ПЛАНЕТА»
13.40 ВЕСТИ.RU
14.15 Х/Ф «ЗАЩИТНИК»
16.00 «ВСЕ ВКЛЮЧЕНО»
16.35 ЛЫЖНЫЙ СПОРТ
18.35 ВЕСТИ-СПОРТ
19.00 «КАСТАЛЬСКИЙ КЛЮЧ»
19.30 «ЗДОРОВЬЕ С ТАТЬЯНОЙ КЛИМИНОЙ»
20.00 ВЕСТИ/ЕКАТЕРИНБУРГ
20.20 «10 +»
20.30 ДЕЙСТВУЮЩИЕ ЛИЦА
20.45 УГМК: НОВОСТИ
21.15 ЛЕГКАЯ АТЛЕТИКА
00.00, 04.25 ВЕСТИ.RU
00.30, 03.05 ВЕСТИ-СПОРТ
01.00 БОКС
04.55 ТЕННИС. ШВЕЦИЯ - РОССИЯ
5
6.00, 8.00 СЕЙЧАС
6.30 ДОКУМ. ФИЛЬМЫ
8.30 СУД ВРЕМЕНИ
9.25 ДОКУМ. ФИЛЬМ
10.00 СЕЙЧАС
10.30 ДОКУМ. ФИЛЬМ
11.15 Х/Ф «БЕССМЕРТНЫЙ ГАРНИЗОН»
12.00 СЕЙЧАС
12.30 Х/Ф «БЕССМЕРТНЫЙ ГАРНИЗОН»
13.40, 22.30 Т/С «ГОСУДАРСТВЕННАЯ ГРАНИЦА»
15.00 МЕСТО ПРОИСШЕСТВИЯ
15.30 СЕЙЧАС
16.00 ОТКРЫТАЯ СТУДИЯ
18.00 МЕСТО ПРОИСШЕСТВИЯ
18.30, 22.00 СЕЙЧАС
19.00 Т/С «ЧТО СКАЗАЛ ПОКОЙНИК»
20.00 «НИКОЛАЙ ГОГОЛЬ. ТАЙНА СМЕРТИ»
21.00 Т/С «АГЕНТ НАЦИОНАЛЬНОЙ БЕЗОПАСНОСТИ»
23.50 ДОКУМ. ФИЛЬМ
00.25 Т/С «БОГАТСТВО»
01.25 Х/Ф «НЕВЫНОСИМАЯ ЛЕГКОСТЬ БЫТИЯ»
05.00 ДОКУМ. ФИЛЬМ
Ц ТВЦ
6.00 «НАСТРОЕНИЕ»
8.25 Х/Ф «ВРЕМЯ ЖЕЛАНИЙ»
10.20 Д/Ф «ПРОСТО КЛАРА ЛУЧКО»
11.10 «ПЕТРОВКА, 38»
11.30, 14.30 СОБЫТИЯ
11.45 Х/Ф «КРОВНЫЕ УЗЫ», 2 СЕРИЯ
13.40 «PRO ЖИЗНЬ»
14.45 «ДЕЛОВАЯ МОСКВА»
15.10 «ПЕТРОВКА, 38»
15.25 МУЛЬТФИЛЬМ
15.45 Т/С «ОХОТА НА ГЕНИЯ»
16.30 «ВРАЧИ». ТОК-ШОУ
17.30 СОБЫТИЯ
17.50 «ПЕТРОВКА, 38»
18.10 МУЛЬТФИЛЬМ
18.35 «ЗАГАДКИ ИСТОРИИ. ЖАННА Д'АРК»
19.05 Т/С «ШПИОНСКИЕ ИГРЫ»
19.55 «ПРОГНОЗЫ»
20.30, 23.55 СОБЫТИЯ
21.00 «ДОБРЫЙ ВЕЧЕР, МОСКВА!»
22.50 «НАРОД ХОЧЕТ ЗНАТЬ»
00.30 Х/Ф «НА ДЕРИБАСОВСКОЙ ХОРОШАЯ ПОГОДА, ИЛИ НА БРАЙТОН-БИЧ ОПЯТЬ ИДУТ ДОЖДИ»
02.15 Х/Ф «ДЕТИ ДОН КИХОТА»
03.45 Х/Ф «РЫЖАЯ»
ДТВ УРАЛ
6.00 МУЛЬТФИЛЬМЫ
8.00 «ТЫСЯЧА МЕЛОЧЕЙ»
8.30 САМОЕ СМЕШНОЕ ВИДЕО
9.30 «СЕКРЕТНЫЕ ФАЙЛЫ»
10.30, 04.40 Х/Ф «ВОЗВРАЩЕНИЕ С ОРБИТЫ»
12.30 «ОПЕРАЦИЯ ДОЛЖНИК»
13.00 «СУДЕБНЫЕ СТРАСТИ»
14.00 Т/С «CSI»
15.00 «СЕКРЕТНЫЕ ФАЙЛЫ»
16.00 «ДОРОЖНЫЕ ВОЙНЫ»
16.30, 19.30 «ВНЕ ЗАКОНА»
17.00 «СУДЕБНЫЕ СТРАСТИ»
18.00 «ОПЕРАЦИЯ ДОЛЖНИК»
18.30 «ДЕНЬ»
20.00 «УЛЕТНОЕ ВИДЕО»
21.00 «ДОРОЖНЫЕ ВОЙНЫ»
22.00 «ОПЕРАЦИЯ ДОЛЖНИК»
22.30 «УЛЕТНОЕ ВИДЕО ПО-РУССКИ»
23.00 «ГОЛЫЕ И СМЕШНЫЕ»
23.30 «СПОКОЙНОЙ НОЧИ, МУЖИКИ!»
00.30 «УЛЕТНОЕ ВИДЕО»
01.00 Т/С «БЕЗ СЛЕДА»
02.55 Т/С «ЗАКОН И ПОРЯДОК»
03.45 Т/С «ИЩЕЙКА»
Ч Домашний
6.30 «ВКУС ПУТЕШЕСТВИЙ»
7.00 Х/Ф «ГОСУДАРСТВЕННЫЙ ПРЕСТУПНИК»
9.00 «ПОЛЕЗНЫЙ ВЕЧЕР»
9.30 Т/С «ФАВОРИТКА»
10.30 Х/Ф «ЕСЛИ У ВАС НЕТУ ТЁТИ...»
18.30 «ОДНА ЗА ВСЕХ»
19.00 ГЛАВНЫЕ НОВОСТИ
19.35 «ПОЛЕЗНЫЙ ВЕЧЕР»
20.00 Х/Ф «ЗДРАВСТВУЙТЕ ВАМ!»
22.05 Т/С «ДОКТОР ХАУС»
23.00 НОВОСТИ-41
23.35 «ДЕНЬ ГОРОДА»
23.45 КОМЕДИЯ «БЕЗБИЛЕТНАЯ ПАССАЖИРКА»
01.05 Т/С «ЛАЛОЛА»
02.00 Т/С «КЕНТЕРБЕРИ И ПАРТНЁРЫ»
02.50 Т/С «ПРЕДАТЕЛЬСТВО»
04.40 «СКАЖИ, ЧТО НЕ ТАК?!»
MTV	ЭРА
6.00, 03.35 MUSIC
7.00 СТЕРЕО_УТРО
8.30 HIT CHART
9.25 ЕЛЕНА ИЗ ПОЛИПРОПИЛЕНА
9.55, 02.40 МАГИЯ КРИСА ЭНДЖЕЛА
10.20 ПРАВДА ЖИЗНИ
11.10 Т/С «РАНЕТКИ»
12.10 ШОПОГОЛИКИ
13.10 ЗВЕЗДЫ НА ЛАДОНИ
13.50, 22.30 Т/С «СЕКС В БОЛЬШОМ ГОРОДЕ»
14.40, 23.25 Т/С «ДВА С ПОЛОВИНОЙ ЧЕЛОВЕКА»
15.05 Т/С «ВСЕ ЛУЧШЕЕ В ТЕБЕ»
15.30, 20.00 ЛЮБОВЬ С ПЕРВОГО ВЗГЛЯДА
16.30, 21.00 Т/С «СПЛЕТНИЦА»
17.30 СВОБОДЕН
18.00, 19.30 HIT CHART
18.30 LIVE IN TELE-CLUB
19.00, 22.00 ХОЧУ МОСКВУ
00.00 КЛИНИКА
00.25 Т/С «БЛУДЛИВАЯ КАЛИФОРНИЯ»
01.25 СЛЕДУЮЩИЙ
01.50 ТАЙНЫЕ СОБЛАЗНЫ
02.15 БЕШЕНЫЕ ПРЕДКИ
03.05 КТО КРУЧЕ
◉ ОТВ
5.20, 9.30, 00.20 «ДЕЙСТВУЮЩИЕ ЛИЦА»
5.35 НОВОСТИ ТАУ
6.35, 18.10, 00.30, 03.20 ПАТРУЛЬНЫЙ УЧАСТОК
7.00 «ХОРОШЕЕ НАСТРОЕНИЕ»
9.00, 10.00, 11.00, 12.00, 13.00, 14.00, 15.00, 16.00, 17.00, 18.00, 19.00 «СОБЫТИЯ. КАЖДЫЙ ЧАС»
9.10 «DE FACTO»
10.20 «СОБЫТИЯ УРФО»
11.10 «КАБИНЕТ МИНИСТРОВ»
11.45 «СВОЙ ДОМ»
12.30 «СОБЫТИЯ. АКЦЕНТ»
13.10 «УГОЛ ЗРЕНИЯ»
14.05 ДОКУМ. ФИЛЬМ
15.05 «РЕЦЕПТ»
15.35 «БИЛЬЯРД УРАЛА»
16.05 Т/С «ШАТУН»
17.10 СТУДИЯ ПРИКЛЮЧЕНИЙ
17.30 «НАЦИОНАЛЬНЫЙ ПРОГНОЗ»
17.45 «ГОРНЫЕ ВЕСТИ»
18.45, 23.20, 01.50, 04.40 «СОБЫТИЯ. АКЦЕНТ. КУЛЬТУРА»
19.15 ДОКУМ. ФИЛЬМ
20.00, 23.00, 01.20, 04.10 «СОБЫТИЯ. ИТОГИ»
20.30, 03.40 «ПРЯМАЯ ЛИНИЯ. ОБРАЗОВАНИЕ»
21.00, 02.20 НОВОСТИ ТАУ
22.00 ДОКУМ. ФИЛЬМ
23.35 «УГМК: НОВОСТИ»
23.50 «СОБЫТИЯ УРФО»
00.55 «АВТОБАН»
ЦТУ	ТВ3
6.00 МУЛЬТФИЛЬМ
6.30, 02.00 Т/С «АЛЬФ»
7.00 ДОКУМ. ФИЛЬМЫ
10.00, 19.00 Т/С «МЕНТАЛИСТ»
11.00, 20.00 Т/С «КОСТИ»
12.00 ДОКУМ. ФИЛЬМЫ
13.30 Х/Ф «БОГИ РЕЧНОГО МИРА»
15.30 РАЗРУШИТЕЛИ МИФОВ
16.30 КАК ЭТО СДЕЛАНО
17.00, 04.00 Т/С «ВОЗДЕЙСТВИЕ»
18.00 ДОКУМ. ФИЛЬМ
21.00 «ЗАГАДКИ ИСТОРИИ»
22.00 Х/Ф «ПЕСКИ ЗАБВЕНИЯ»
00.00 ПОКЕРНЫЙ ТУР
01.00 Т/С «ВАВИЛОН - 5»
02.30 ДОКУМ. ФИЛЬМЫ
05.00 «ТАИНСТВЕННЫЕ ПУТИ»
